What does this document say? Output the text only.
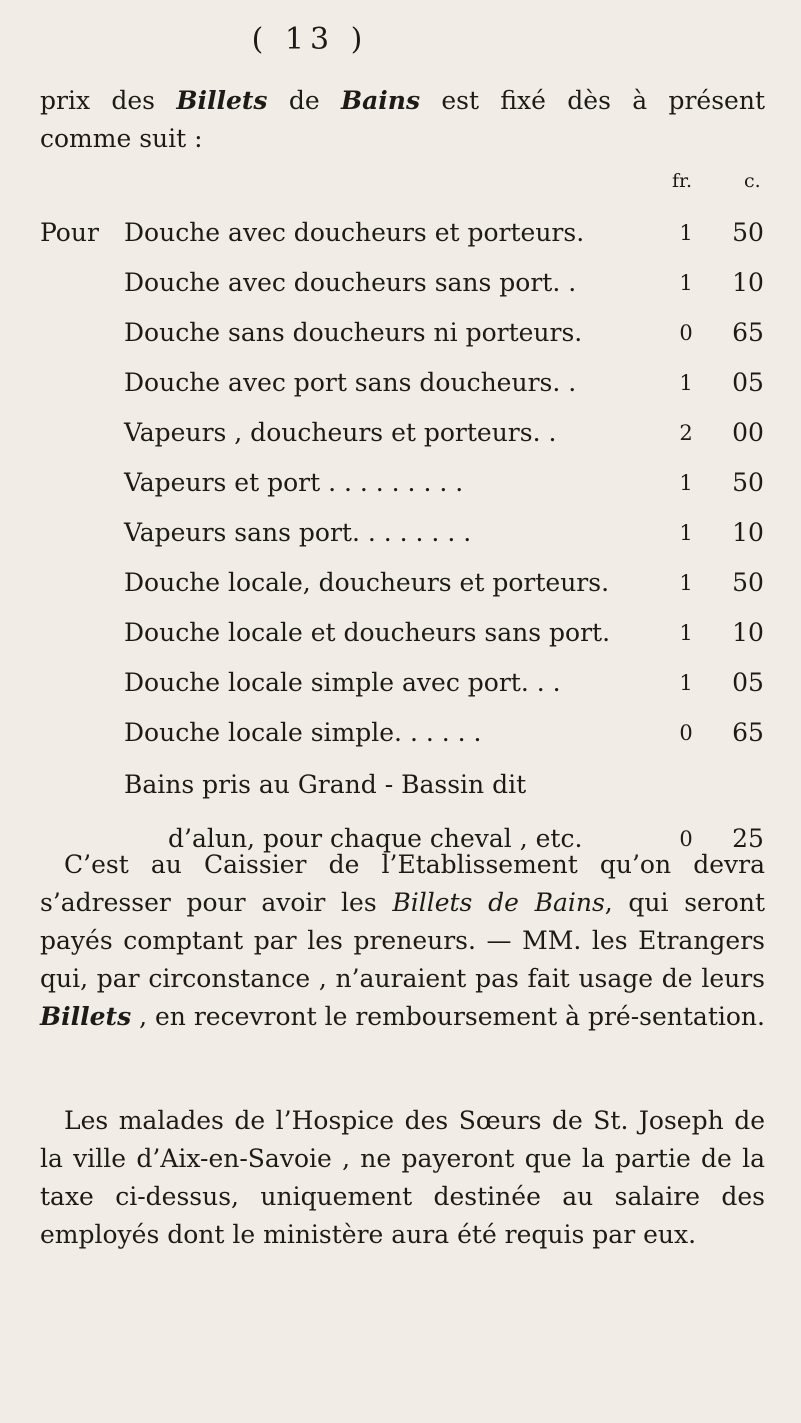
( 13 )
prix des Billets de Bains est fixé dès à présent
comme suit :
fr.	c.
Pour Douche avec doucheurs et porteurs.	1	50
Douche avec doucheurs sans port. .	1	10
Douche sans doucheurs ni porteurs.	0	65
Douche avec port sans doucheurs. .	1	05
Vapeurs , doucheurs et porteurs. .	2	00
Vapeurs et port . . . . . . . . .	1	50
Vapeurs sans port. . . . . . . .	1	10
Douche locale, doucheurs et porteurs.	1	50
Douche locale et doucheurs sans port.	1	10
Douche locale simple avec port. . .	1	05
Douche locale simple. . . . . .	0	65
Bains pris au Grand - Bassin dit
d’alun, pour chaque cheval , etc.	0	25
C’est au Caissier de l’Etablissement qu’on devra s’adresser pour avoir les Billets de Bains, qui seront payés comptant par les preneurs. — MM. les Etrangers qui, par circonstance , n’auraient pas fait usage de leurs Billets , en recevront le remboursement à pré-sentation.
Les malades de l’Hospice des Sœurs de St. Joseph de la ville d’Aix-en-Savoie , ne payeront que la partie de la taxe ci-dessus, uniquement destinée au salaire des employés dont le ministère aura été requis par eux.
